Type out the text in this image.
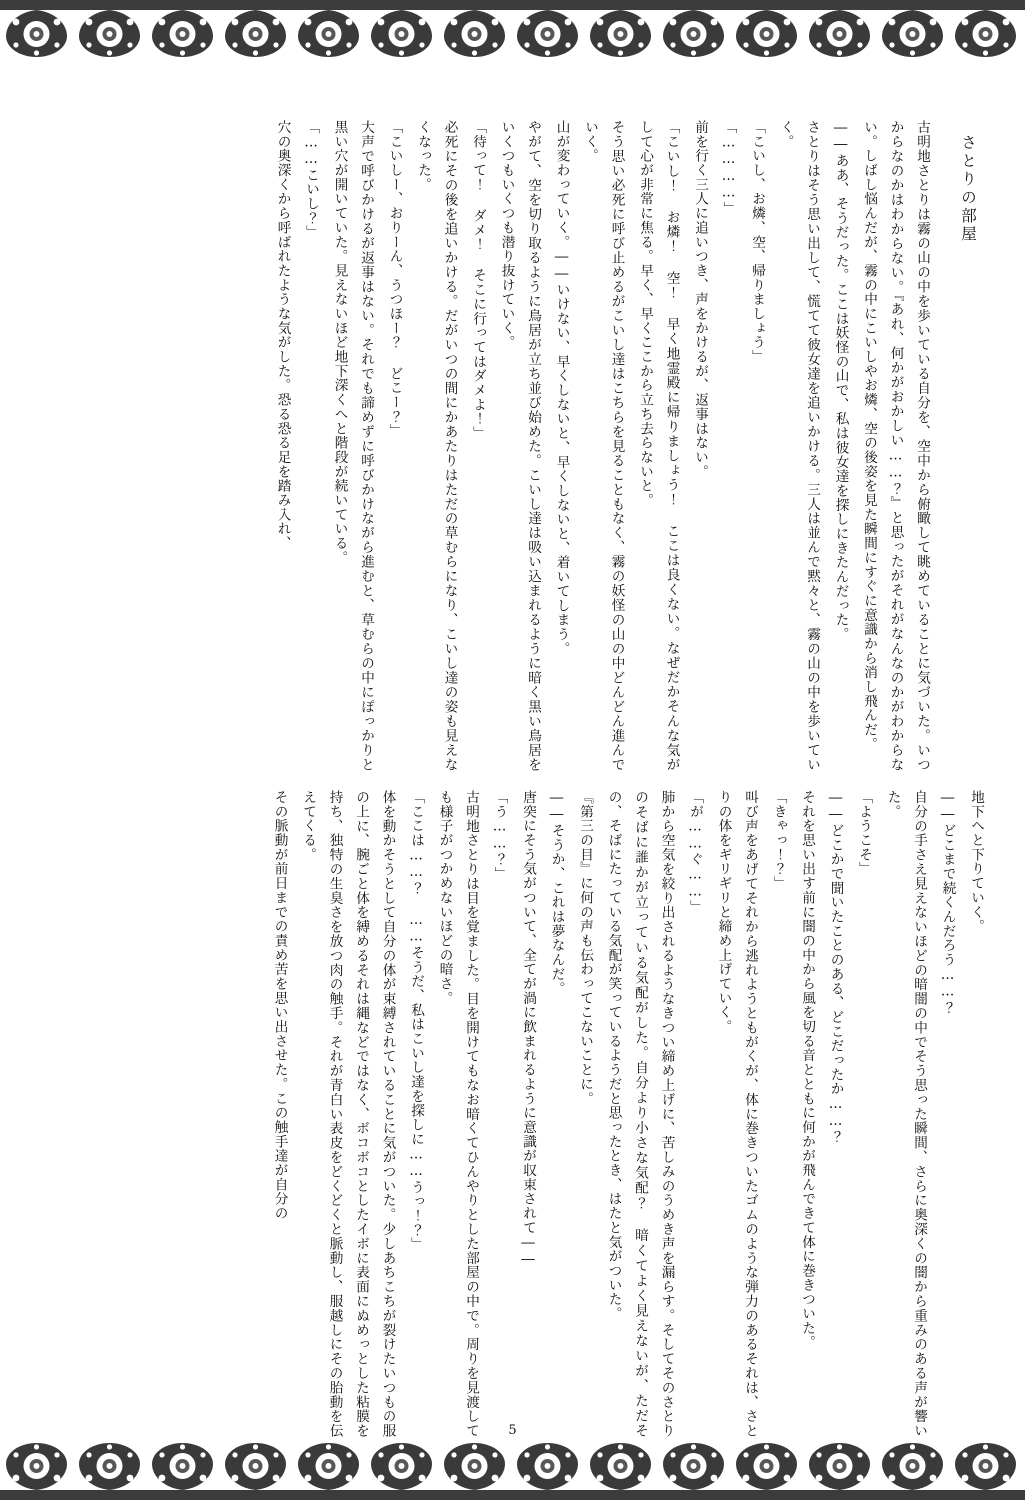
さとりの部屋
古明地さとりは霧の山の中を歩いている自分を、空中から俯瞰して眺めていることに気づいた。いつからなのかはわからない。『あれ、何かがおかしい……？』と思ったがそれがなんなのかがわからない。しばし悩んだが、霧の中にこいしやお燐、空の後姿を見た瞬間にすぐに意識から消し飛んだ。
――ああ、そうだった。ここは妖怪の山で、私は彼女達を探しにきたんだった。
さとりはそう思い出して、慌てて彼女達を追いかける。三人は並んで黙々と、霧の山の中を歩いていく。
「こいし、お燐、空、帰りましょう」
「…………」
前を行く三人に追いつき、声をかけるが、返事はない。
「こいし！ お燐！ 空！ 早く地霊殿に帰りましょう！ ここは良くない。なぜだかそんな気がして心が非常に焦る。早く、早くここから立ち去らないと。
そう思い必死に呼び止めるがこいし達はこちらを見ることもなく、霧の妖怪の山の中どんどん進んでいく。
山が変わっていく。――いけない、早くしないと、早くしないと、着いてしまう。
やがて、空を切り取るように鳥居が立ち並び始めた。こいし達は吸い込まれるように暗く黒い鳥居をいくつもいくつも潜り抜けていく。
「待って！ ダメ！ そこに行ってはダメよ！」
必死にその後を追いかける。だがいつの間にかあたりはただの草むらになり、こいし達の姿も見えなくなった。
「こいしー、おりーん、うつほー？ どこー？」
大声で呼びかけるが返事はない。それでも諦めずに呼びかけながら進むと、草むらの中にぽっかりと黒い穴が開いていた。見えないほど地下深くへと階段が続いている。
「……こいし？」
穴の奥深くから呼ばれたような気がした。恐る恐る足を踏み入れ、
地下へと下りていく。
――どこまで続くんだろう……？
自分の手さえ見えないほどの暗闇の中でそう思った瞬間、さらに奥深くの闇から重みのある声が響いた。
「ようこそ」
――どこかで聞いたことのある、どこだったか……？
それを思い出す前に闇の中から風を切る音とともに何かが飛んできて体に巻きついた。
「きゃっ！？」
叫び声をあげてそれから逃れようともがくが、体に巻きついたゴムのような弾力のあるそれは、さとりの体をギリギリと締め上げていく。
「が……ぐ……」
肺から空気を絞り出されるようなきつい締め上げに、苦しみのうめき声を漏らす。そしてそのさとりのそばに誰かが立っている気配がした。自分より小さな気配？ 暗くてよく見えないが、ただその、そばにたっている気配が笑っているようだと思ったとき、はたと気がついた。
『第三の目』に何の声も伝わってこないことに。
――そうか、これは夢なんだ。
唐突にそう気がついて、全てが渦に飲まれるように意識が収束されて――
「う……？」
古明地さとりは目を覚ました。目を開けてもなお暗くてひんやりとした部屋の中で。周りを見渡しても様子がつかめないほどの暗さ。
「ここは……？ ……そうだ、私はこいし達を探しに……うっ！？」
体を動かそうとして自分の体が束縛されていることに気がついた。少しあちこちが裂けたいつもの服の上に、腕ごと体を縛めるそれは縄などではなく、ボコボコとしたイボに表面にぬめっとした粘膜を持ち、独特の生臭さを放つ肉の触手。それが青白い表皮をどくどくと脈動し、服越しにその胎動を伝えてくる。
その脈動が前日までの責め苦を思い出させた。この触手達が自分の
5
